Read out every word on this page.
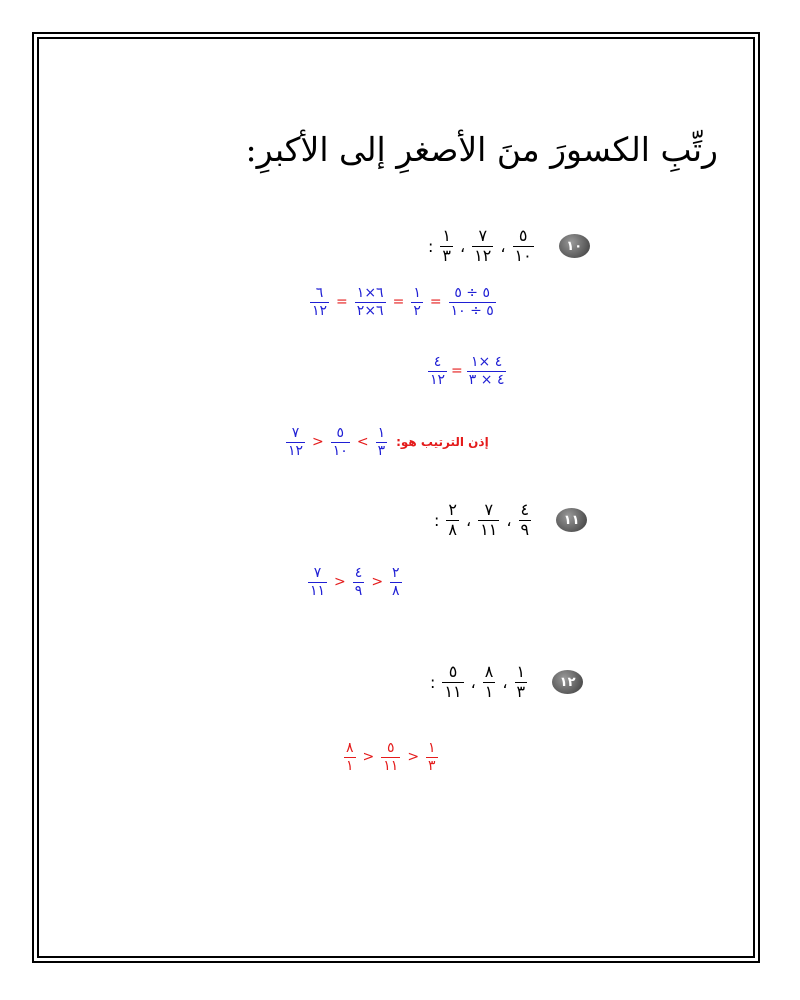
رتِّبِ الكسورَ منَ الأصغرِ إلى الأكبرِ:
: $\frac{١}{٣}$ ، $\frac{٧}{١٢}$ ، $\frac{٥}{١٠}$	١٠
$\frac{٦}{١٢} = \frac{٦\times ١}{٦\times ٢} = \frac{١}{٢} = \frac{٥ \div ٥}{٥ \div ١٠}$
$\frac{٤}{١٢} = \frac{٤ \times ١}{٤ \times ٣}$
$\frac{٧}{١٢} > \frac{٥}{١٠} < \frac{١}{٣}$ إذن الترتيب هو:
: $\frac{٢}{٨}$ ، $\frac{٧}{١١}$ ، $\frac{٤}{٩}$	١١
$\frac{٧}{١١} > \frac{٤}{٩} > \frac{٢}{٨}$
: $\frac{٥}{١١}$ ، $\frac{٨}{١}$ ، $\frac{١}{٣}$	١٢
$\frac{٨}{١} > \frac{٥}{١١} > \frac{١}{٣}$
